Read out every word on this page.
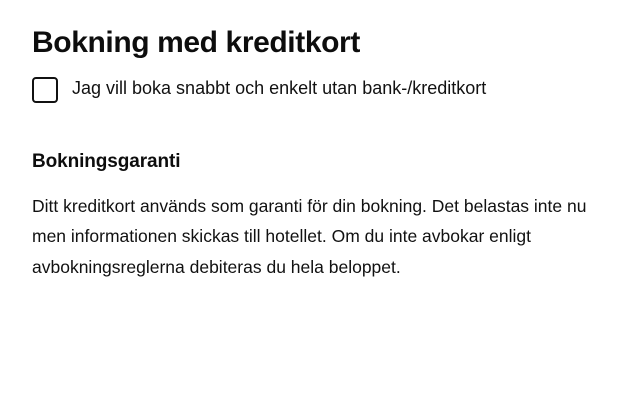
Bokning med kreditkort
Jag vill boka snabbt och enkelt utan bank-/kreditkort
Bokningsgaranti

Ditt kreditkort används som garanti för din bokning. Det belastas inte nu men informationen skickas till hotellet. Om du inte avbokar enligt avbokningsreglerna debiteras du hela beloppet.
